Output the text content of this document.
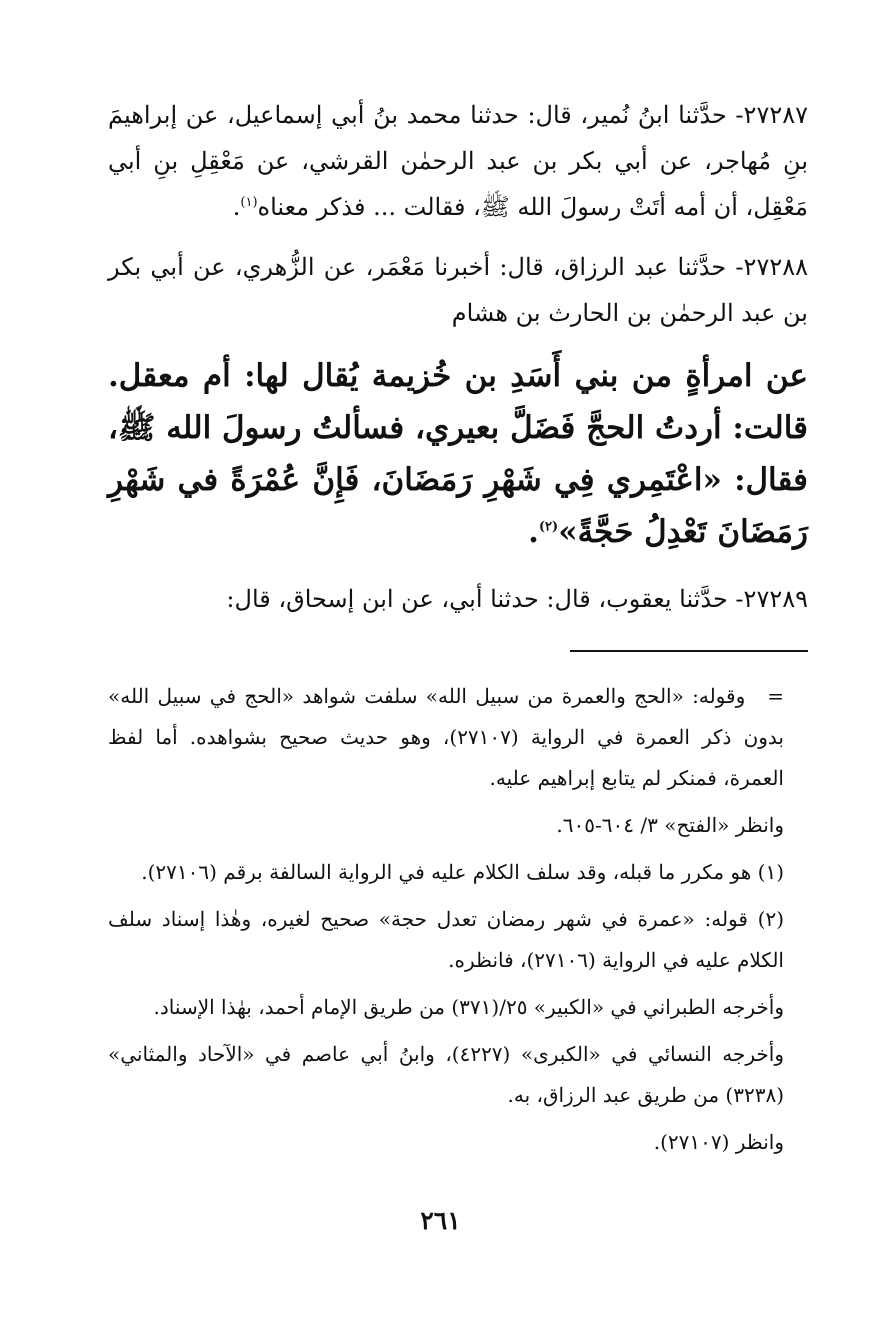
٢٧٢٨٧- حدَّثنا ابنُ نُمير، قال: حدثنا محمد بنُ أبي إسماعيل، عن إبراهيمَ بنِ مُهاجر، عن أبي بكر بن عبد الرحمٰن القرشي، عن مَعْقِلِ بنِ أبي مَعْقِل، أن أمه أتَتْ رسولَ الله ﷺ، فقالت ... فذكر معناه$^{(١)}$.

٢٧٢٨٨- حدَّثنا عبد الرزاق، قال: أخبرنا مَعْمَر، عن الزُّهري، عن أبي بكر بن عبد الرحمٰن بن الحارث بن هشام

عن امرأةٍ من بني أَسَدِ بن خُزيمة يُقال لها: أم معقل. قالت: أردتُ الحجَّ فَضَلَّ بعيري، فسألتُ رسولَ الله ﷺ، فقال: «اعْتَمِري فِي شَهْرِ رَمَضَانَ، فَإِنَّ عُمْرَةً في شَهْرِ رَمَضَانَ تَعْدِلُ حَجَّةً»$^{(٢)}$.

٢٧٢٨٩- حدَّثنا يعقوب، قال: حدثنا أبي، عن ابن إسحاق، قال:

=وقوله: «الحج والعمرة من سبيل الله» سلفت شواهد «الحج في سبيل الله» بدون ذكر العمرة في الرواية (٢٧١٠٧)، وهو حديث صحيح بشواهده. أما لفظ العمرة، فمنكر لم يتابع إبراهيم عليه.

وانظر «الفتح» ٣/ ٦٠٤-٦٠٥.

(١) هو مكرر ما قبله، وقد سلف الكلام عليه في الرواية السالفة برقم (٢٧١٠٦).

(٢) قوله: «عمرة في شهر رمضان تعدل حجة» صحيح لغيره، وهٰذا إسناد سلف الكلام عليه في الرواية (٢٧١٠٦)، فانظره.

وأخرجه الطبراني في «الكبير» ٢٥/(٣٧١) من طريق الإمام أحمد، بهٰذا الإسناد.

وأخرجه النسائي في «الكبرى» (٤٢٢٧)، وابنُ أبي عاصم في «الآحاد والمثاني» (٣٢٣٨) من طريق عبد الرزاق، به.

وانظر (٢٧١٠٧).

٢٦١
